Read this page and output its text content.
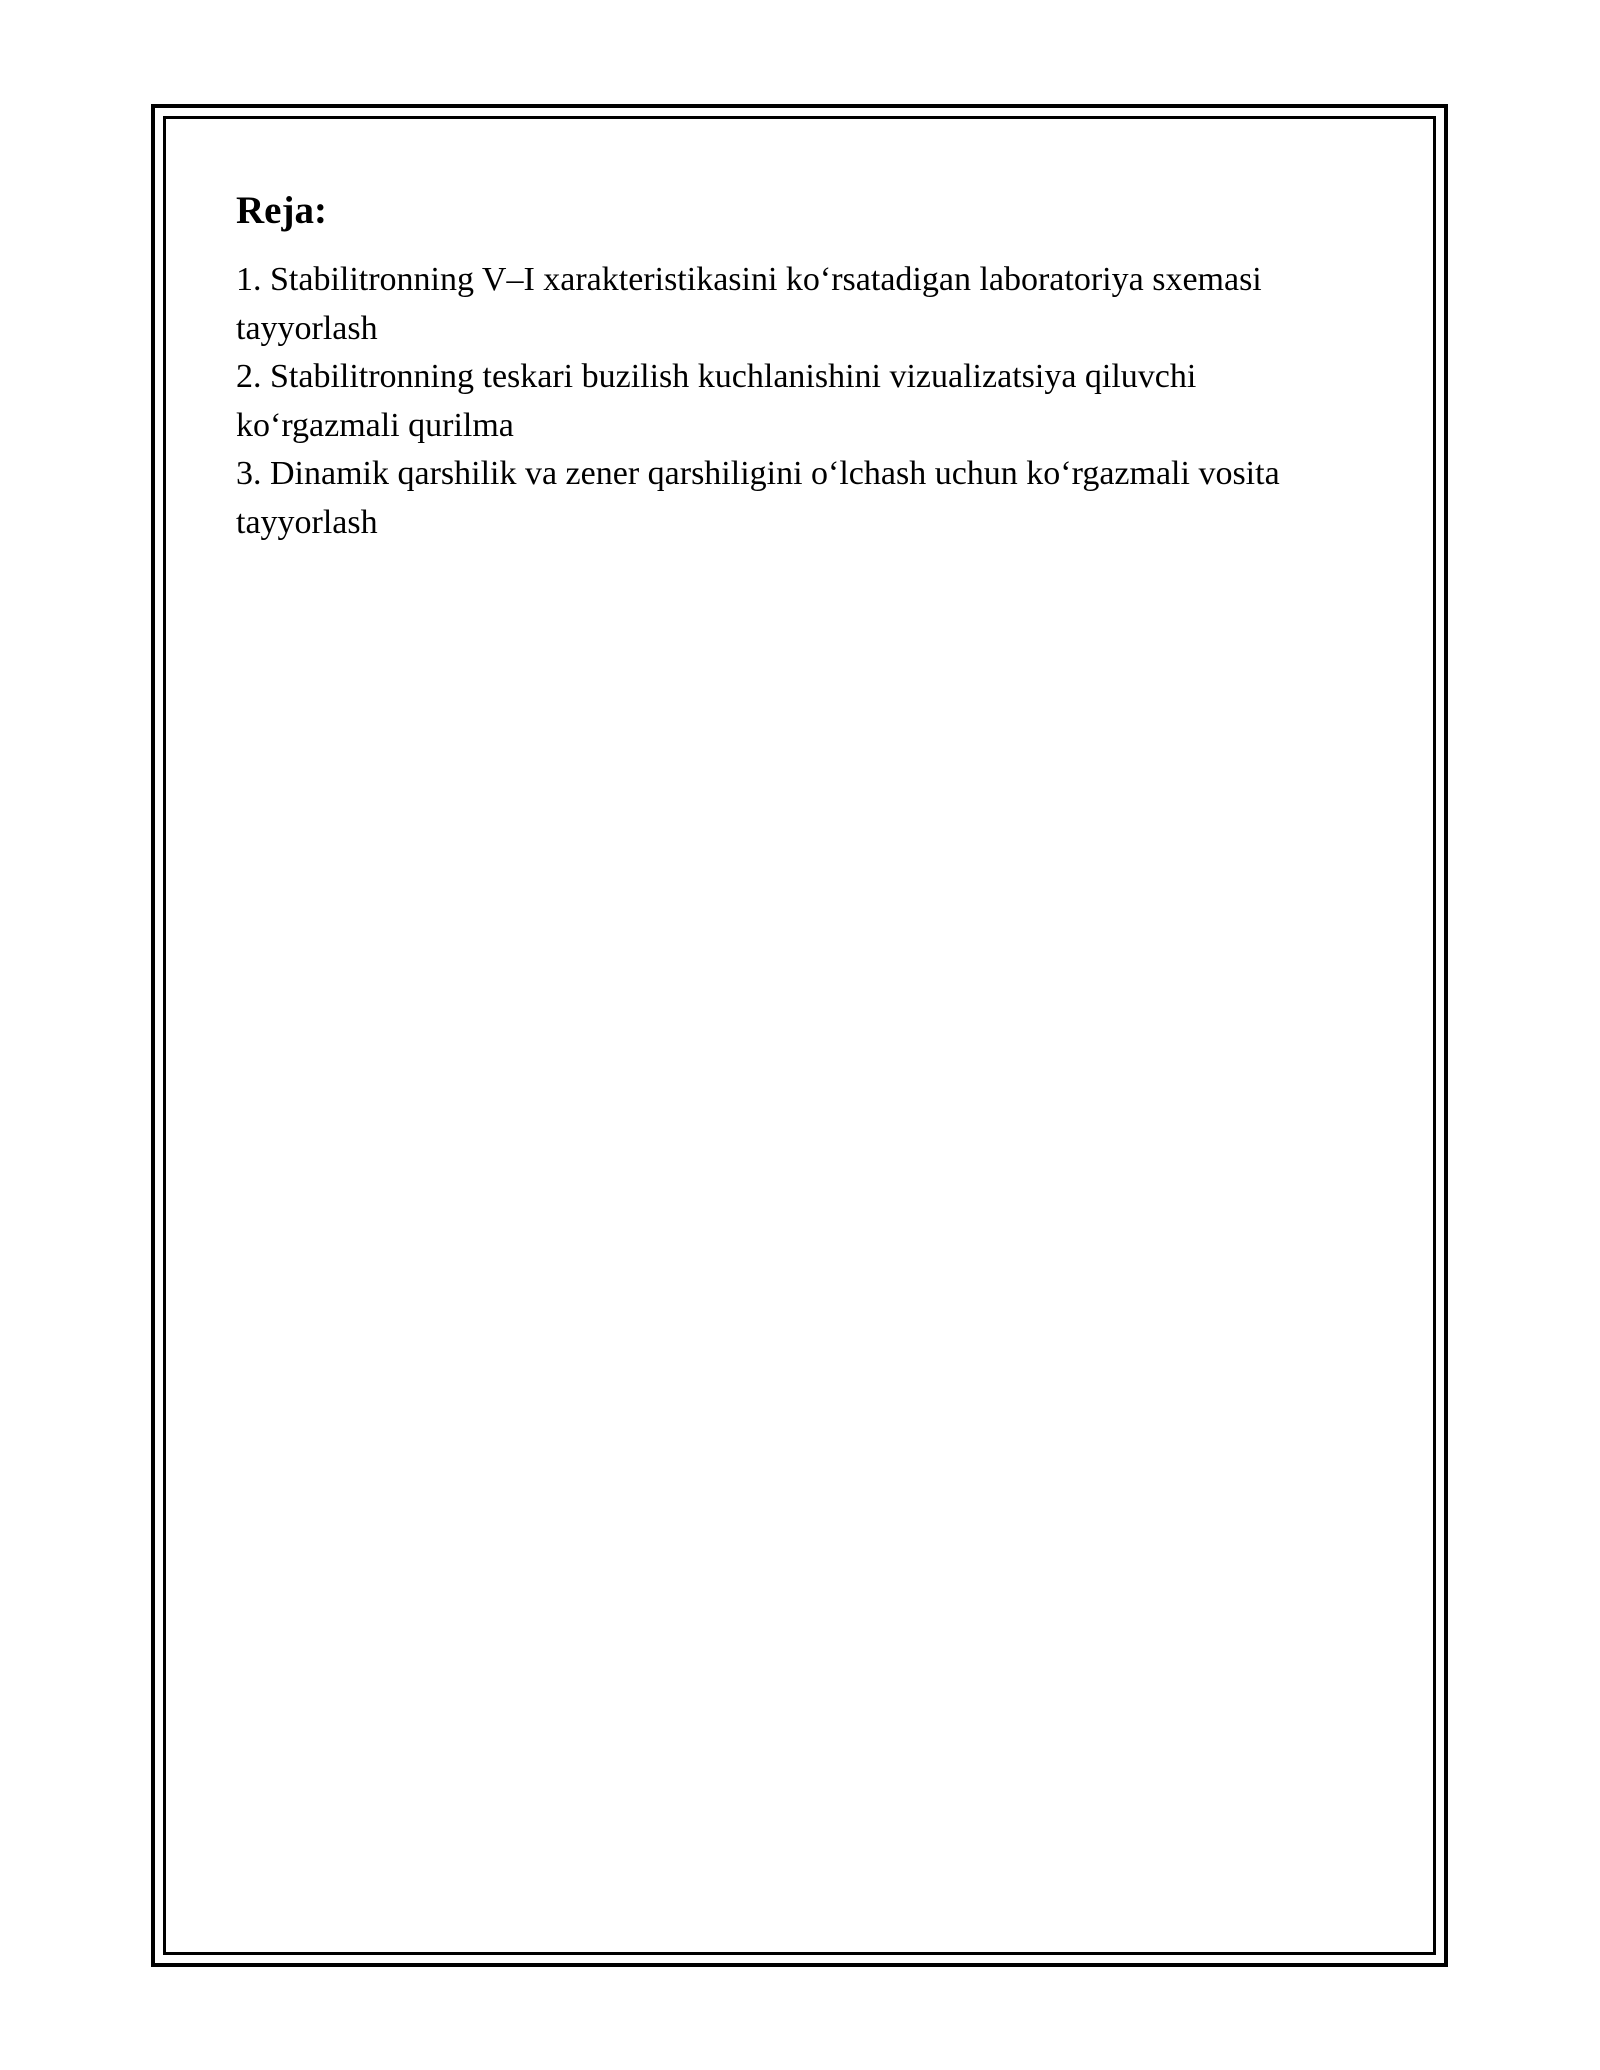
Reja:
1. Stabilitronning V–I xarakteristikasini ko‘rsatadigan laboratoriya sxemasi
tayyorlash
2. Stabilitronning teskari buzilish kuchlanishini vizualizatsiya qiluvchi
ko‘rgazmali qurilma
3. Dinamik qarshilik va zener qarshiligini o‘lchash uchun ko‘rgazmali vosita
tayyorlash
